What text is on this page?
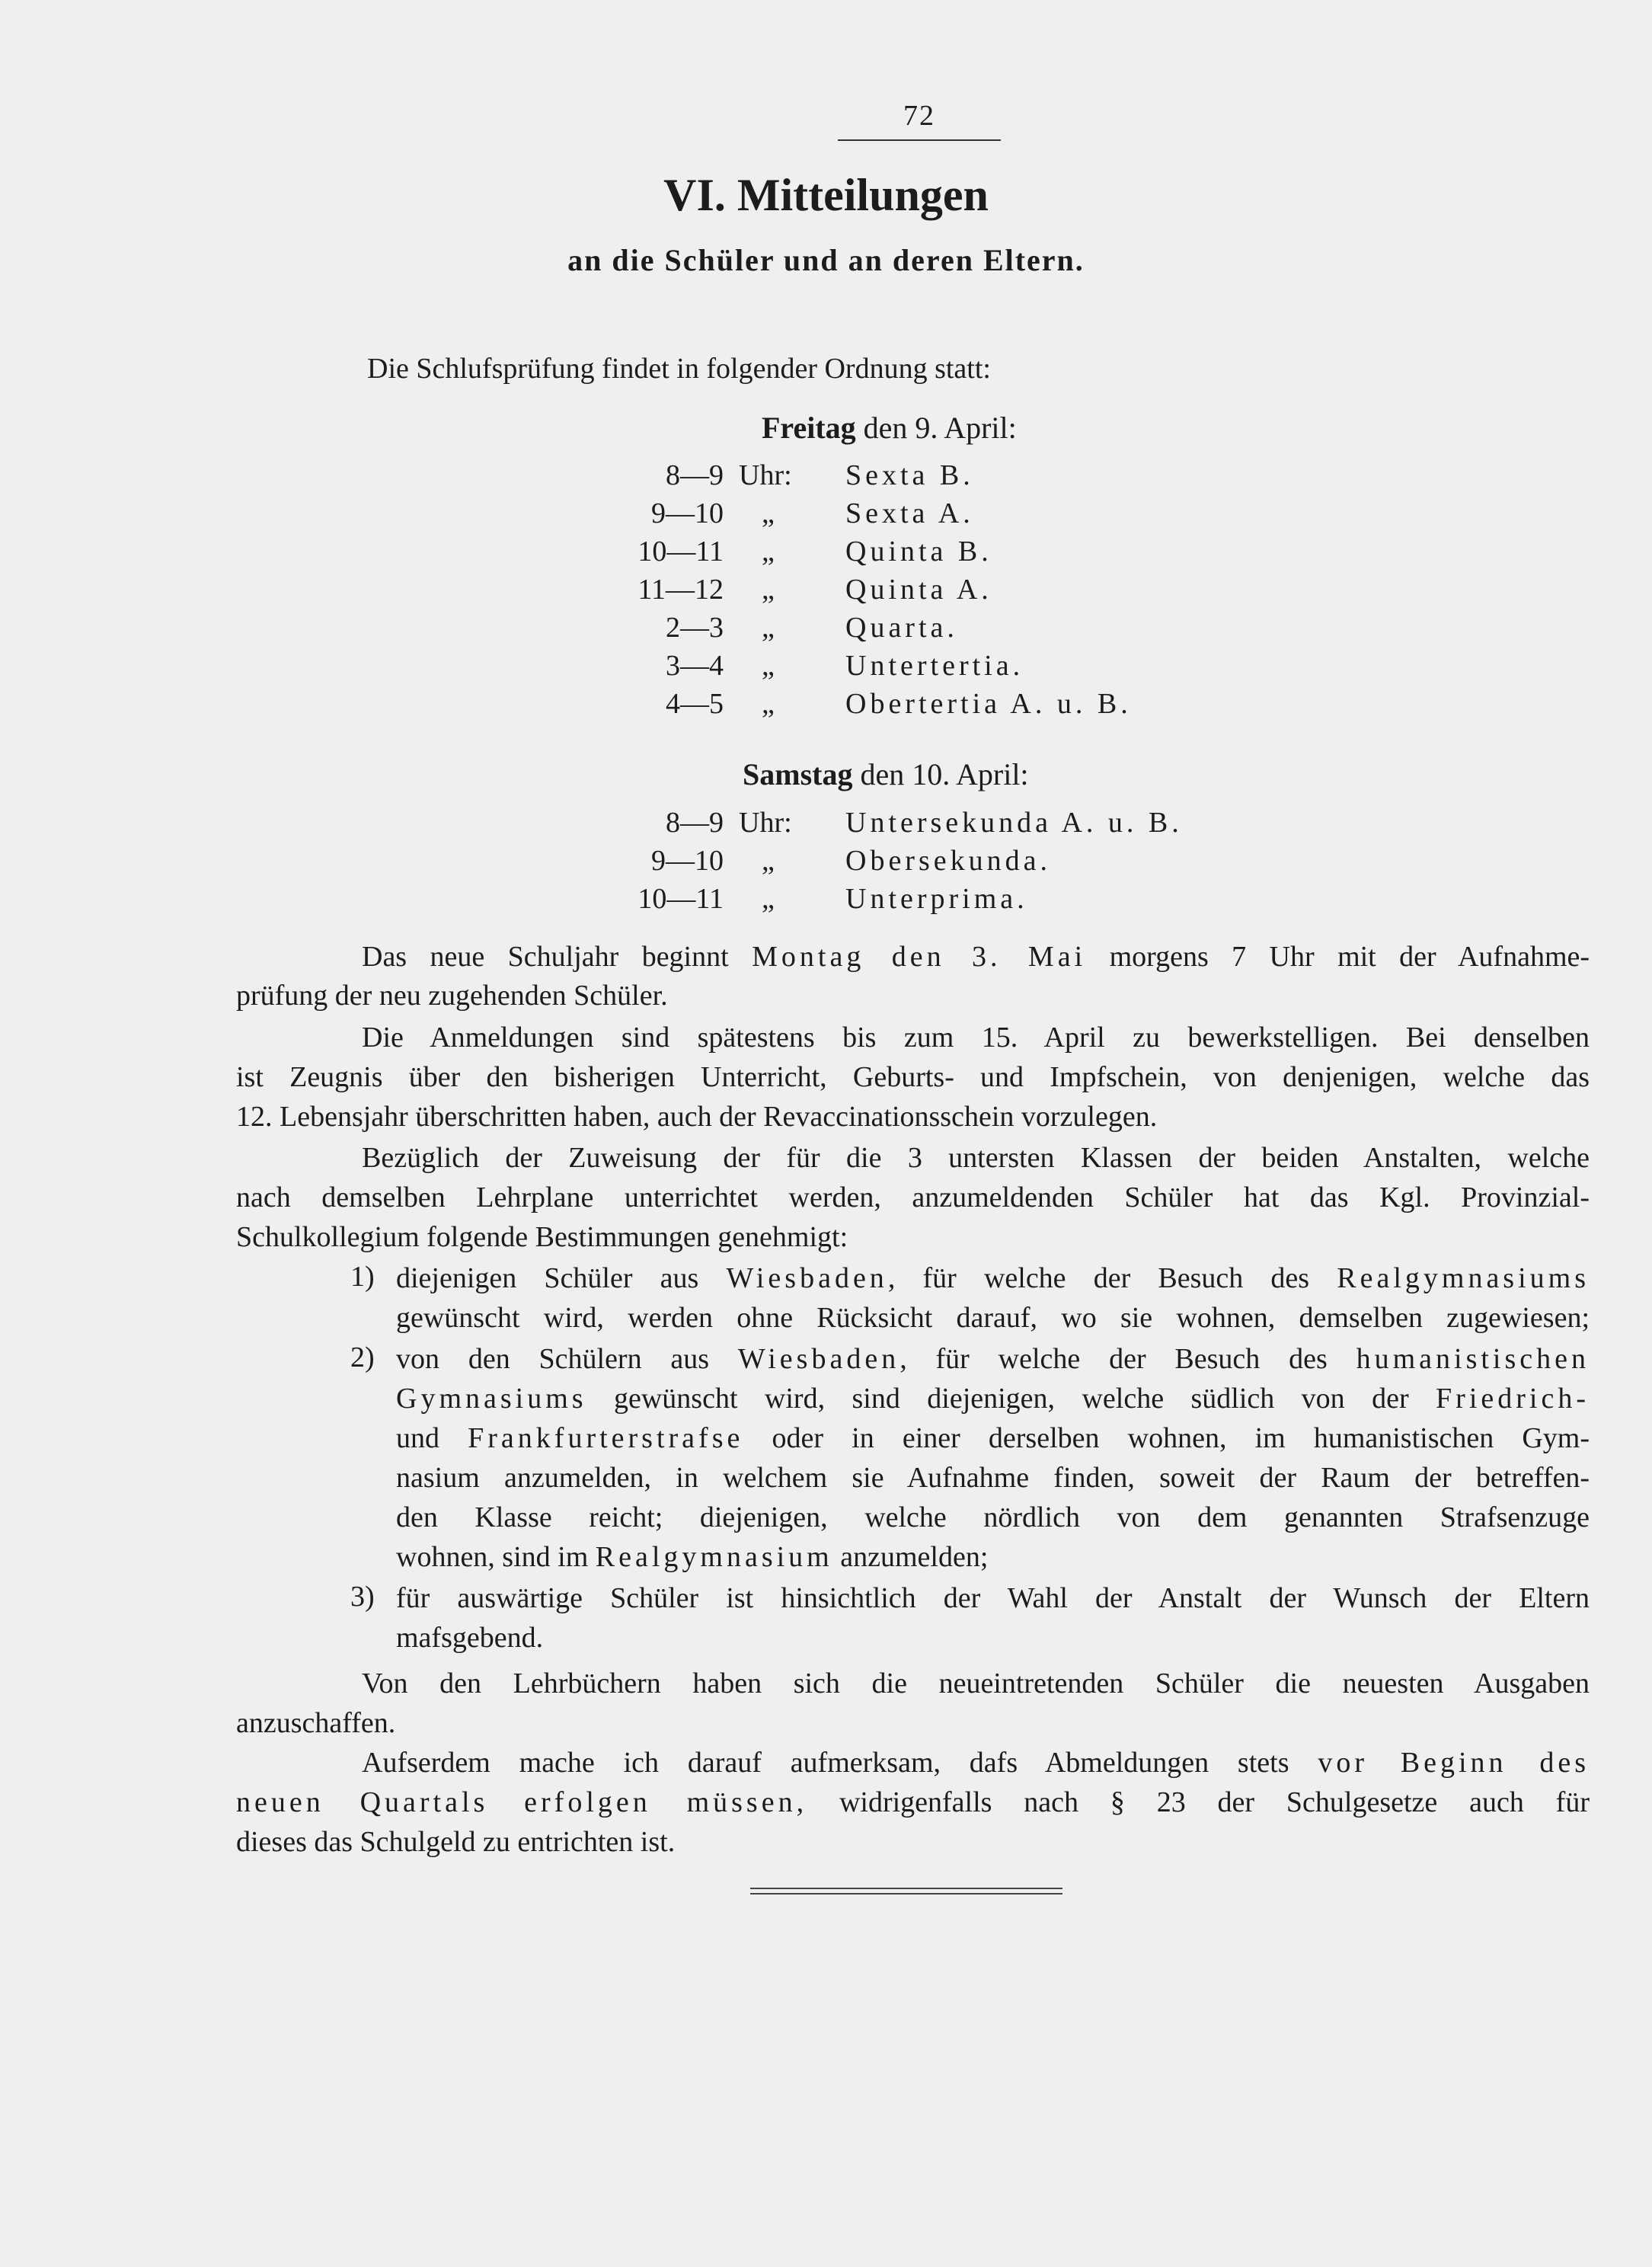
72
VI. Mitteilungen
an die Schüler und an deren Eltern.
Die Schlufsprüfung findet in folgender Ordnung statt:
Freitag den 9. April:
8—9 Uhr:	Sexta B.
9—10	„	Sexta A.
10—11	„	Quinta B.
11—12	„	Quinta A.
2—3	„	Quarta.
3—4	„	Untertertia.
4—5	„	Obertertia A. u. B.
Samstag den 10. April:
8—9 Uhr:	Untersekunda A. u. B.
9—10	„	Obersekunda.
10—11	„	Unterprima.
Das neue Schuljahr beginnt Montag den 3. Mai morgens 7 Uhr mit der Aufnahme-
prüfung der neu zugehenden Schüler.
Die Anmeldungen sind spätestens bis zum 15. April zu bewerkstelligen. Bei denselben
ist Zeugnis über den bisherigen Unterricht, Geburts- und Impfschein, von denjenigen, welche das
12. Lebensjahr überschritten haben, auch der Revaccinationsschein vorzulegen.
Bezüglich der Zuweisung der für die 3 untersten Klassen der beiden Anstalten, welche
nach demselben Lehrplane unterrichtet werden, anzumeldenden Schüler hat das Kgl. Provinzial-
Schulkollegium folgende Bestimmungen genehmigt:
1) diejenigen Schüler aus Wiesbaden, für welche der Besuch des Realgymnasiums
gewünscht wird, werden ohne Rücksicht darauf, wo sie wohnen, demselben zugewiesen;
2) von den Schülern aus Wiesbaden, für welche der Besuch des humanistischen
Gymnasiums gewünscht wird, sind diejenigen, welche südlich von der Friedrich-
und Frankfurterstrafse oder in einer derselben wohnen, im humanistischen Gym-
nasium anzumelden, in welchem sie Aufnahme finden, soweit der Raum der betreffen-
den Klasse reicht; diejenigen, welche nördlich von dem genannten Strafsenzuge
wohnen, sind im Realgymnasium anzumelden;
3) für auswärtige Schüler ist hinsichtlich der Wahl der Anstalt der Wunsch der Eltern
mafsgebend.
Von den Lehrbüchern haben sich die neueintretenden Schüler die neuesten Ausgaben
anzuschaffen.
Aufserdem mache ich darauf aufmerksam, dafs Abmeldungen stets vor Beginn des
neuen Quartals erfolgen müssen, widrigenfalls nach § 23 der Schulgesetze auch für
dieses das Schulgeld zu entrichten ist.
